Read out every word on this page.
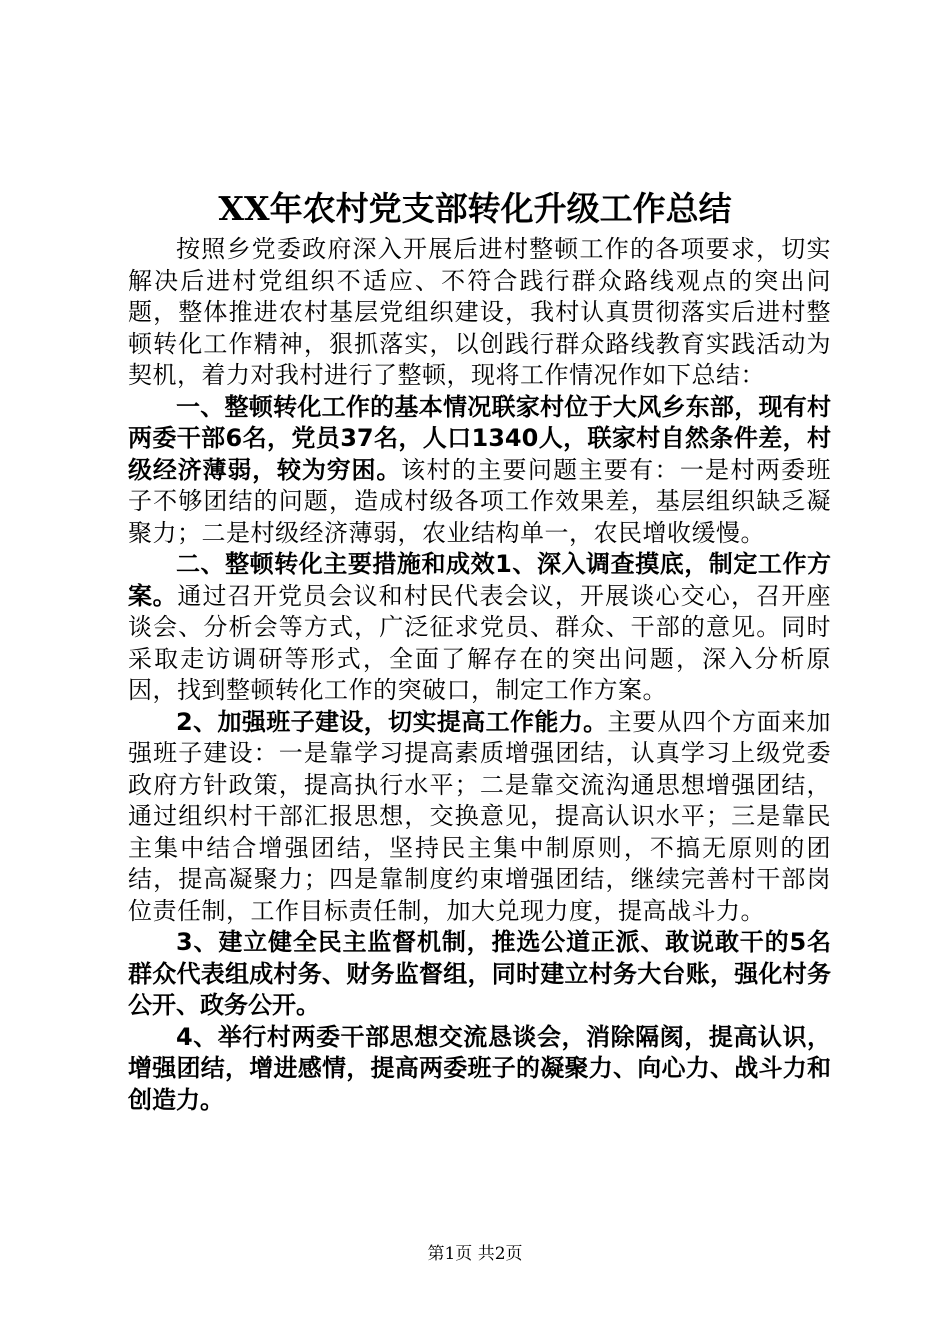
XX年农村党支部转化升级工作总结

按照乡党委政府深入开展后进村整顿工作的各项要求，切实解决后进村党组织不适应、不符合践行群众路线观点的突出问题，整体推进农村基层党组织建设，我村认真贯彻落实后进村整顿转化工作精神，狠抓落实，以创践行群众路线教育实践活动为契机，着力对我村进行了整顿，现将工作情况作如下总结：

一、整顿转化工作的基本情况联家村位于大风乡东部，现有村两委干部6名，党员37名，人口1340人，联家村自然条件差，村级经济薄弱，较为穷困。该村的主要问题主要有：一是村两委班子不够团结的问题，造成村级各项工作效果差，基层组织缺乏凝聚力；二是村级经济薄弱，农业结构单一，农民增收缓慢。

二、整顿转化主要措施和成效1、深入调查摸底，制定工作方案。通过召开党员会议和村民代表会议，开展谈心交心，召开座谈会、分析会等方式，广泛征求党员、群众、干部的意见。同时采取走访调研等形式，全面了解存在的突出问题，深入分析原因，找到整顿转化工作的突破口，制定工作方案。

2、加强班子建设，切实提高工作能力。主要从四个方面来加强班子建设：一是靠学习提高素质增强团结，认真学习上级党委政府方针政策，提高执行水平；二是靠交流沟通思想增强团结，通过组织村干部汇报思想，交换意见，提高认识水平；三是靠民主集中结合增强团结，坚持民主集中制原则，不搞无原则的团结，提高凝聚力；四是靠制度约束增强团结，继续完善村干部岗位责任制，工作目标责任制，加大兑现力度，提高战斗力。

3、建立健全民主监督机制，推选公道正派、敢说敢干的5名群众代表组成村务、财务监督组，同时建立村务大台账，强化村务公开、政务公开。

4、举行村两委干部思想交流恳谈会，消除隔阂，提高认识，增强团结，增进感情，提高两委班子的凝聚力、向心力、战斗力和创造力。

第1页 共2页
